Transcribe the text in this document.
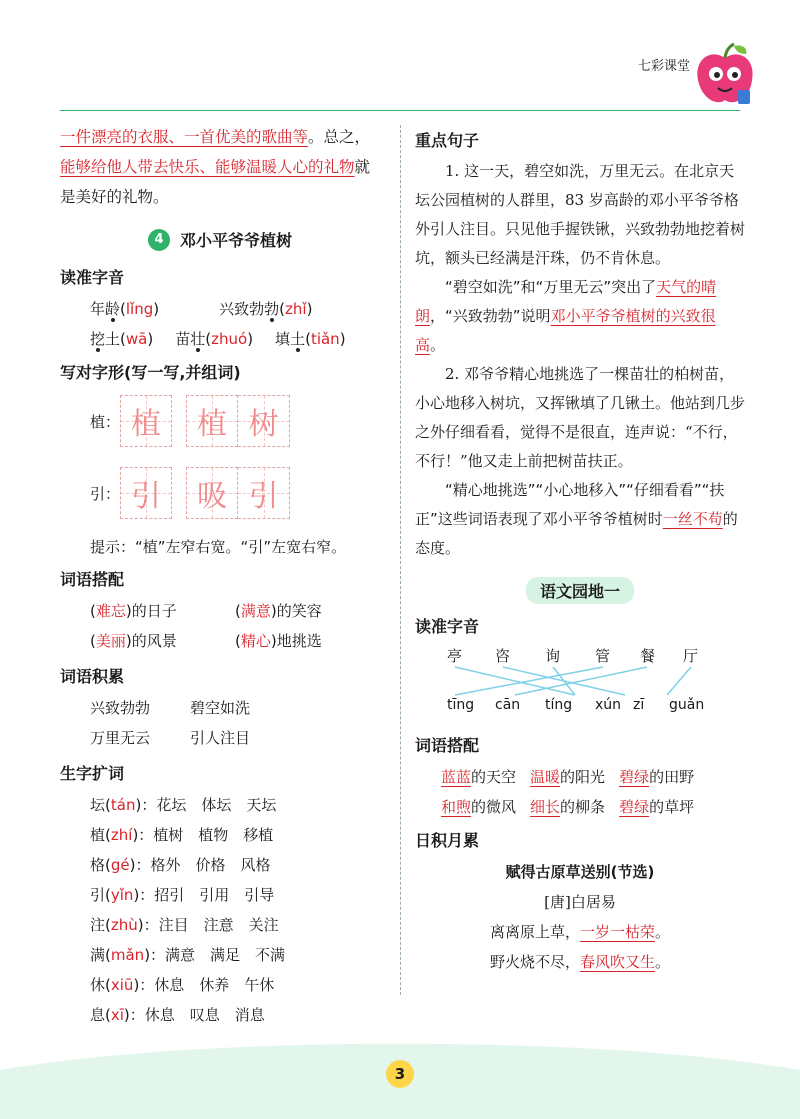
七彩课堂
一件漂亮的衣服、一首优美的歌曲等。总之，能够给他人带去快乐、能够温暖人心的礼物就是美好的礼物。
4	邓小平爷爷植树
读准字音
年龄(lǐng)	兴致勃勃(zhǐ)
挖土(wā) 苗壮(zhuó) 填土(tiǎn)
写对字形(写一写,并组词)
植： 植 植 树
引： 引 吸 引
提示：“植”左窄右宽。“引”左宽右窄。
词语搭配
(难忘)的日子	(满意)的笑容
(美丽)的风景	(精心)地挑选
词语积累
兴致勃勃	碧空如洗
万里无云	引人注目
生字扩词
坛(tán)：花坛　体坛　天坛
植(zhí)：植树　植物　移植
格(gé)：格外　价格　风格
引(yǐn)：招引　引用　引导
注(zhù)：注目　注意　关注
满(mǎn)：满意　满足　不满
休(xiū)：休息　休养　午休
息(xī)：休息　叹息　消息
重点句子

1. 这一天，碧空如洗，万里无云。在北京天坛公园植树的人群里，83 岁高龄的邓小平爷爷格外引人注目。只见他手握铁锹，兴致勃勃地挖着树坑，额头已经满是汗珠，仍不肯休息。

“碧空如洗”和“万里无云”突出了天气的晴朗，“兴致勃勃”说明邓小平爷爷植树的兴致很高。

2. 邓爷爷精心地挑选了一棵苗壮的柏树苗，小心地移入树坑，又挥锹填了几锹土。他站到几步之外仔细看看，觉得不是很直，连声说：“不行，不行！”他又走上前把树苗扶正。

“精心地挑选”“小心地移入”“仔细看看”“扶正”这些词语表现了邓小平爷爷植树时一丝不苟的态度。

语文园地一
读准字音
亭 咨 询 管 餐 厅
tīng cān tíng xún zī guǎn
词语搭配
蓝蓝的天空 温暖的阳光 碧绿的田野
和煦的微风 细长的柳条 碧绿的草坪
日积月累
赋得古原草送别(节选)
[唐]白居易
离离原上草，一岁一枯荣。
野火烧不尽，春风吹又生。
3
